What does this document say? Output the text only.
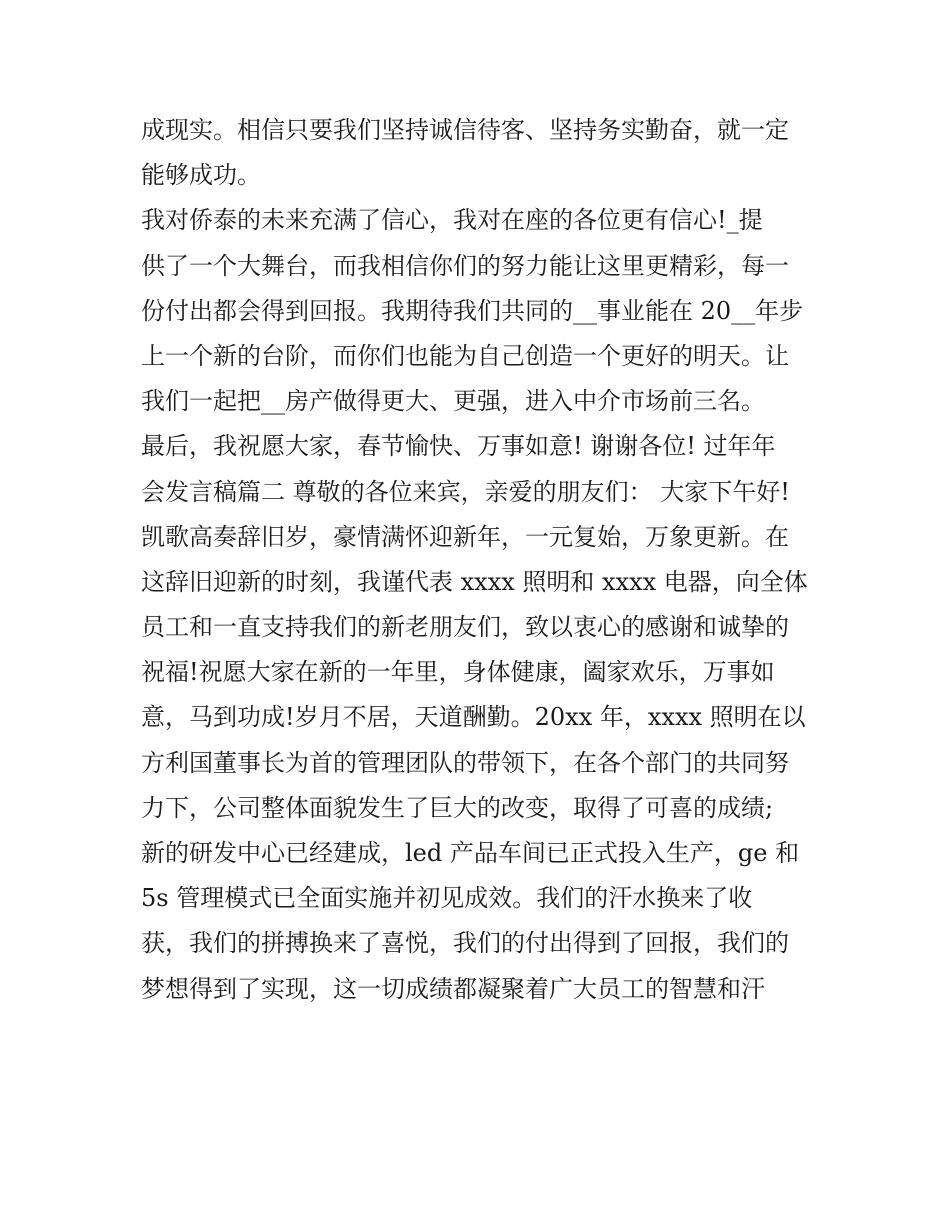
成现实。相信只要我们坚持诚信待客、坚持务实勤奋，就一定
能够成功。
我对侨泰的未来充满了信心，我对在座的各位更有信心!_提
供了一个大舞台，而我相信你们的努力能让这里更精彩，每一
份付出都会得到回报。我期待我们共同的__事业能在 20__年步
上一个新的台阶，而你们也能为自己创造一个更好的明天。让
我们一起把__房产做得更大、更强，进入中介市场前三名。
最后，我祝愿大家，春节愉快、万事如意! 谢谢各位! 过年年
会发言稿篇二 尊敬的各位来宾，亲爱的朋友们： 大家下午好!
凯歌高奏辞旧岁，豪情满怀迎新年，一元复始，万象更新。在
这辞旧迎新的时刻，我谨代表 xxxx 照明和 xxxx 电器，向全体
员工和一直支持我们的新老朋友们，致以衷心的感谢和诚挚的
祝福!祝愿大家在新的一年里，身体健康，阖家欢乐，万事如
意，马到功成!岁月不居，天道酬勤。20xx 年，xxxx 照明在以
方利国董事长为首的管理团队的带领下，在各个部门的共同努
力下，公司整体面貌发生了巨大的改变，取得了可喜的成绩;
新的研发中心已经建成，led 产品车间已正式投入生产，ge 和
5s 管理模式已全面实施并初见成效。我们的汗水换来了收
获，我们的拼搏换来了喜悦，我们的付出得到了回报，我们的
梦想得到了实现，这一切成绩都凝聚着广大员工的智慧和汗
